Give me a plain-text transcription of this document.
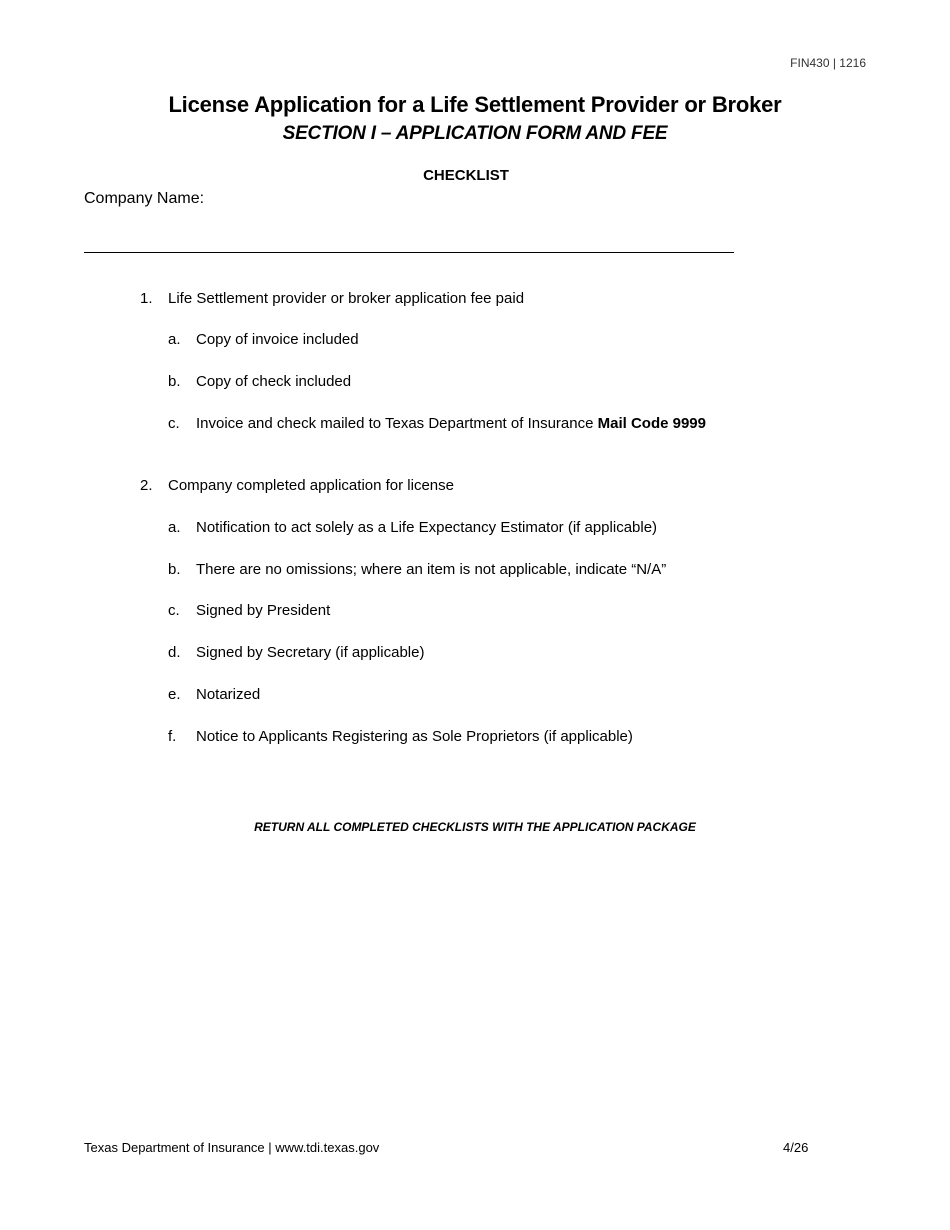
FIN430 | 1216
License Application for a Life Settlement Provider or Broker
SECTION I – APPLICATION FORM AND FEE
CHECKLIST
Company Name:
1. Life Settlement provider or broker application fee paid
a. Copy of invoice included
b. Copy of check included
c. Invoice and check mailed to Texas Department of Insurance Mail Code 9999
2. Company completed application for license
a. Notification to act solely as a Life Expectancy Estimator (if applicable)
b. There are no omissions; where an item is not applicable, indicate “N/A”
c. Signed by President
d. Signed by Secretary (if applicable)
e. Notarized
f. Notice to Applicants Registering as Sole Proprietors (if applicable)
RETURN ALL COMPLETED CHECKLISTS WITH THE APPLICATION PACKAGE
Texas Department of Insurance | www.tdi.texas.gov	4/26
